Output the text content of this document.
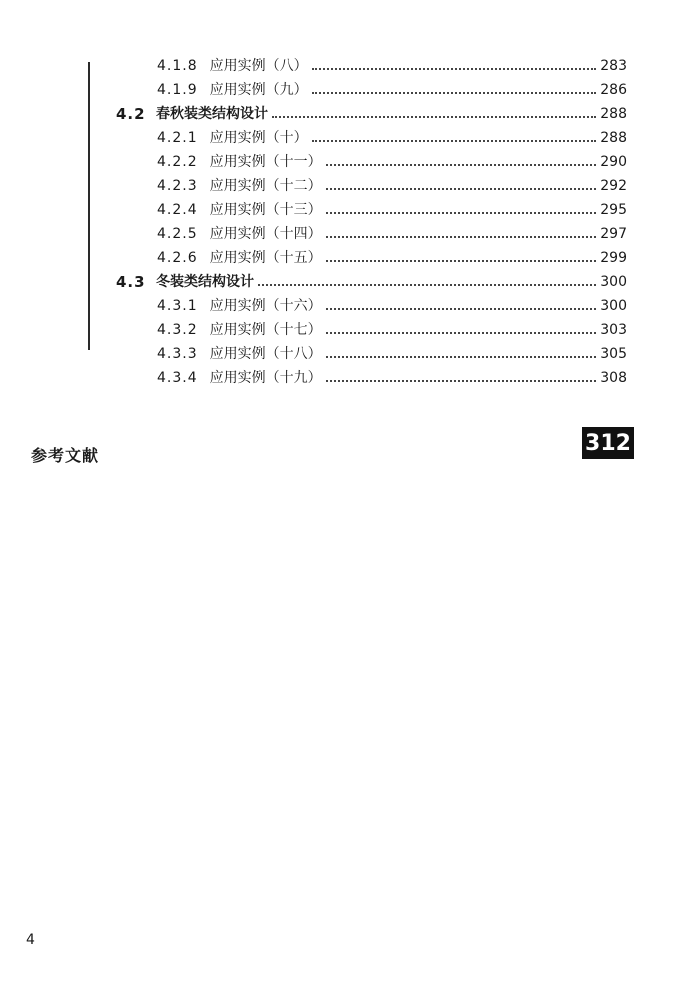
4.1.8 应用实例（八）	283
4.1.9 应用实例（九）	286
4.2 春秋装类结构设计	288
4.2.1 应用实例（十）	288
4.2.2 应用实例（十一）	290
4.2.3 应用实例（十二）	292
4.2.4 应用实例（十三）	295
4.2.5 应用实例（十四）	297
4.2.6 应用实例（十五）	299
4.3 冬装类结构设计	300
4.3.1 应用实例（十六）	300
4.3.2 应用实例（十七）	303
4.3.3 应用实例（十八）	305
4.3.4 应用实例（十九）	308
参考文献	312
4
